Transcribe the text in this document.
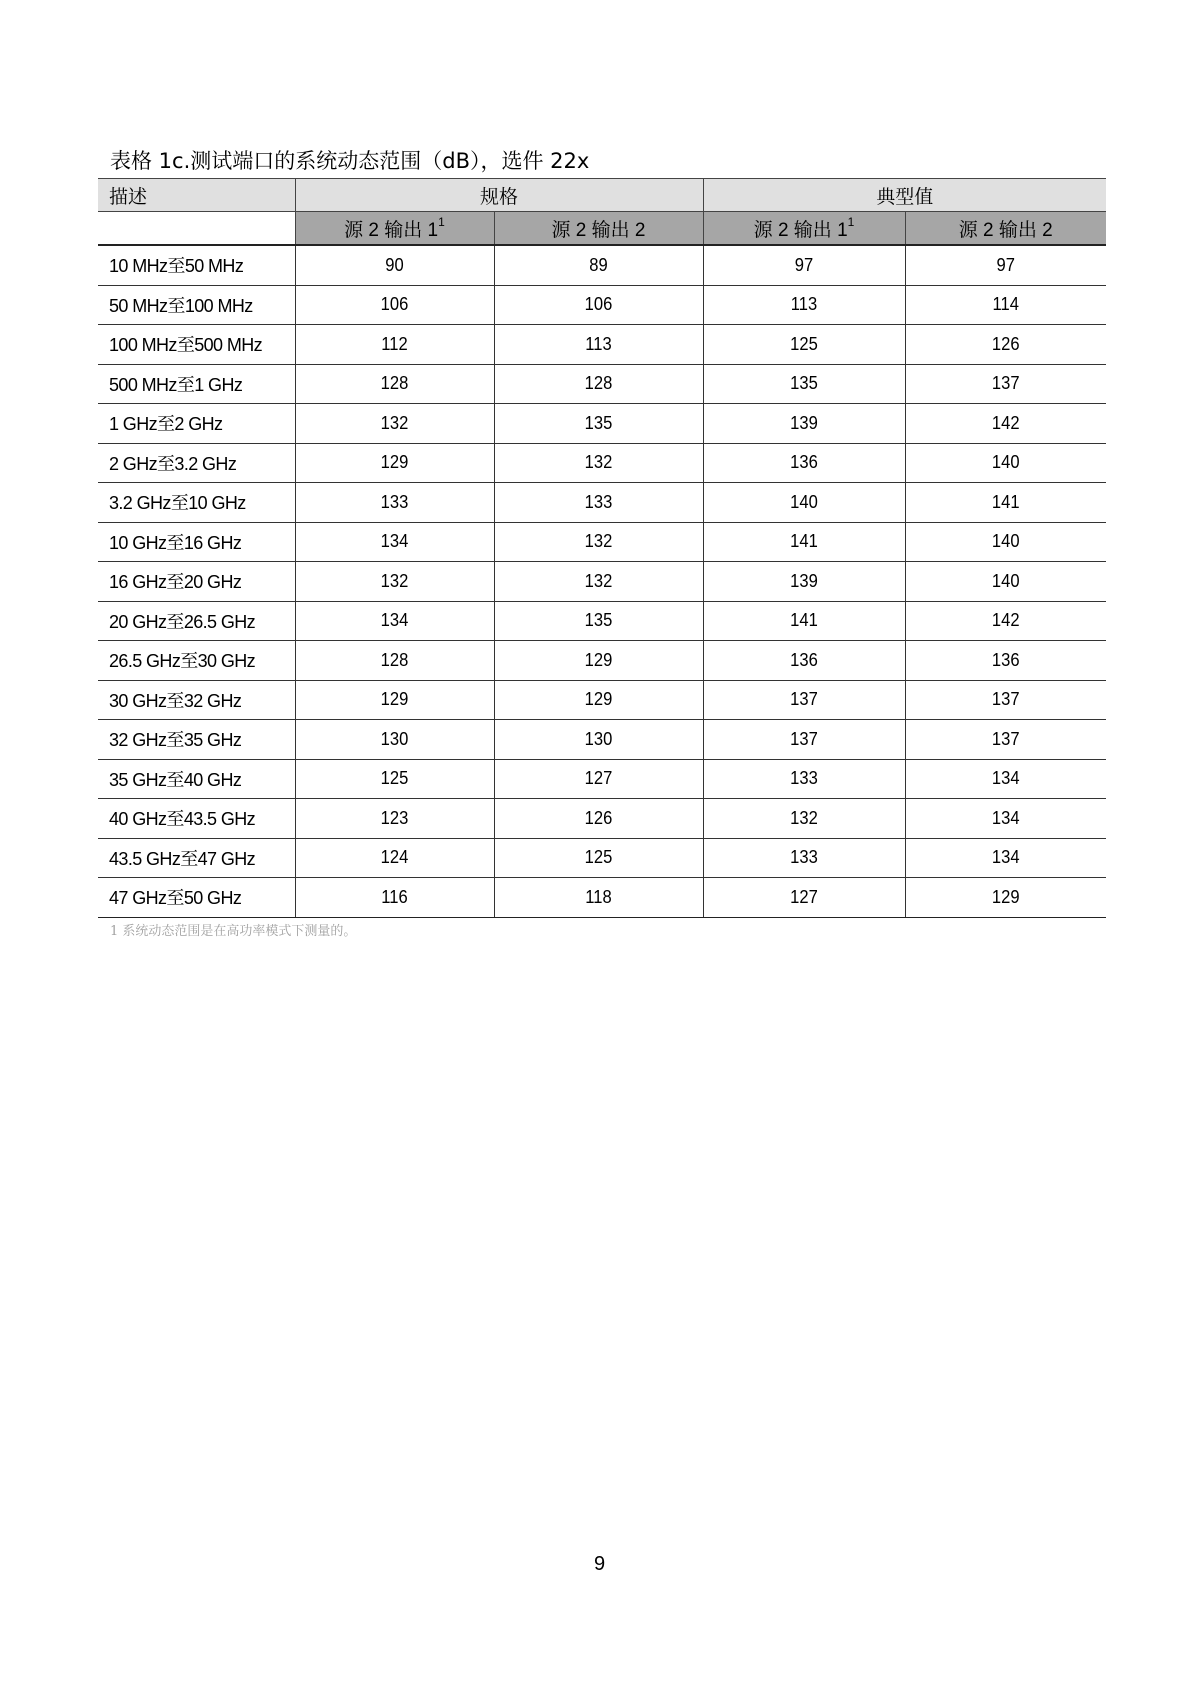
表格 1c.测试端口的系统动态范围（dB），选件 22x
描述	规格		典型值	
	源 2 输出 $1^1$	源 2 输出 2	源 2 输出 $1^1$	源 2 输出 2
10 MHz至50 MHz	90	89	97	97
50 MHz至100 MHz	106	106	113	114
100 MHz至500 MHz	112	113	125	126
500 MHz至1 GHz	128	128	135	137
1 GHz至2 GHz	132	135	139	142
2 GHz至3.2 GHz	129	132	136	140
3.2 GHz至10 GHz	133	133	140	141
10 GHz至16 GHz	134	132	141	140
16 GHz至20 GHz	132	132	139	140
20 GHz至26.5 GHz	134	135	141	142
26.5 GHz至30 GHz	128	129	136	136
30 GHz至32 GHz	129	129	137	137
32 GHz至35 GHz	130	130	137	137
35 GHz至40 GHz	125	127	133	134
40 GHz至43.5 GHz	123	126	132	134
43.5 GHz至47 GHz	124	125	133	134
47 GHz至50 GHz	116	118	127	129
1 系统动态范围是在高功率模式下测量的。
9
